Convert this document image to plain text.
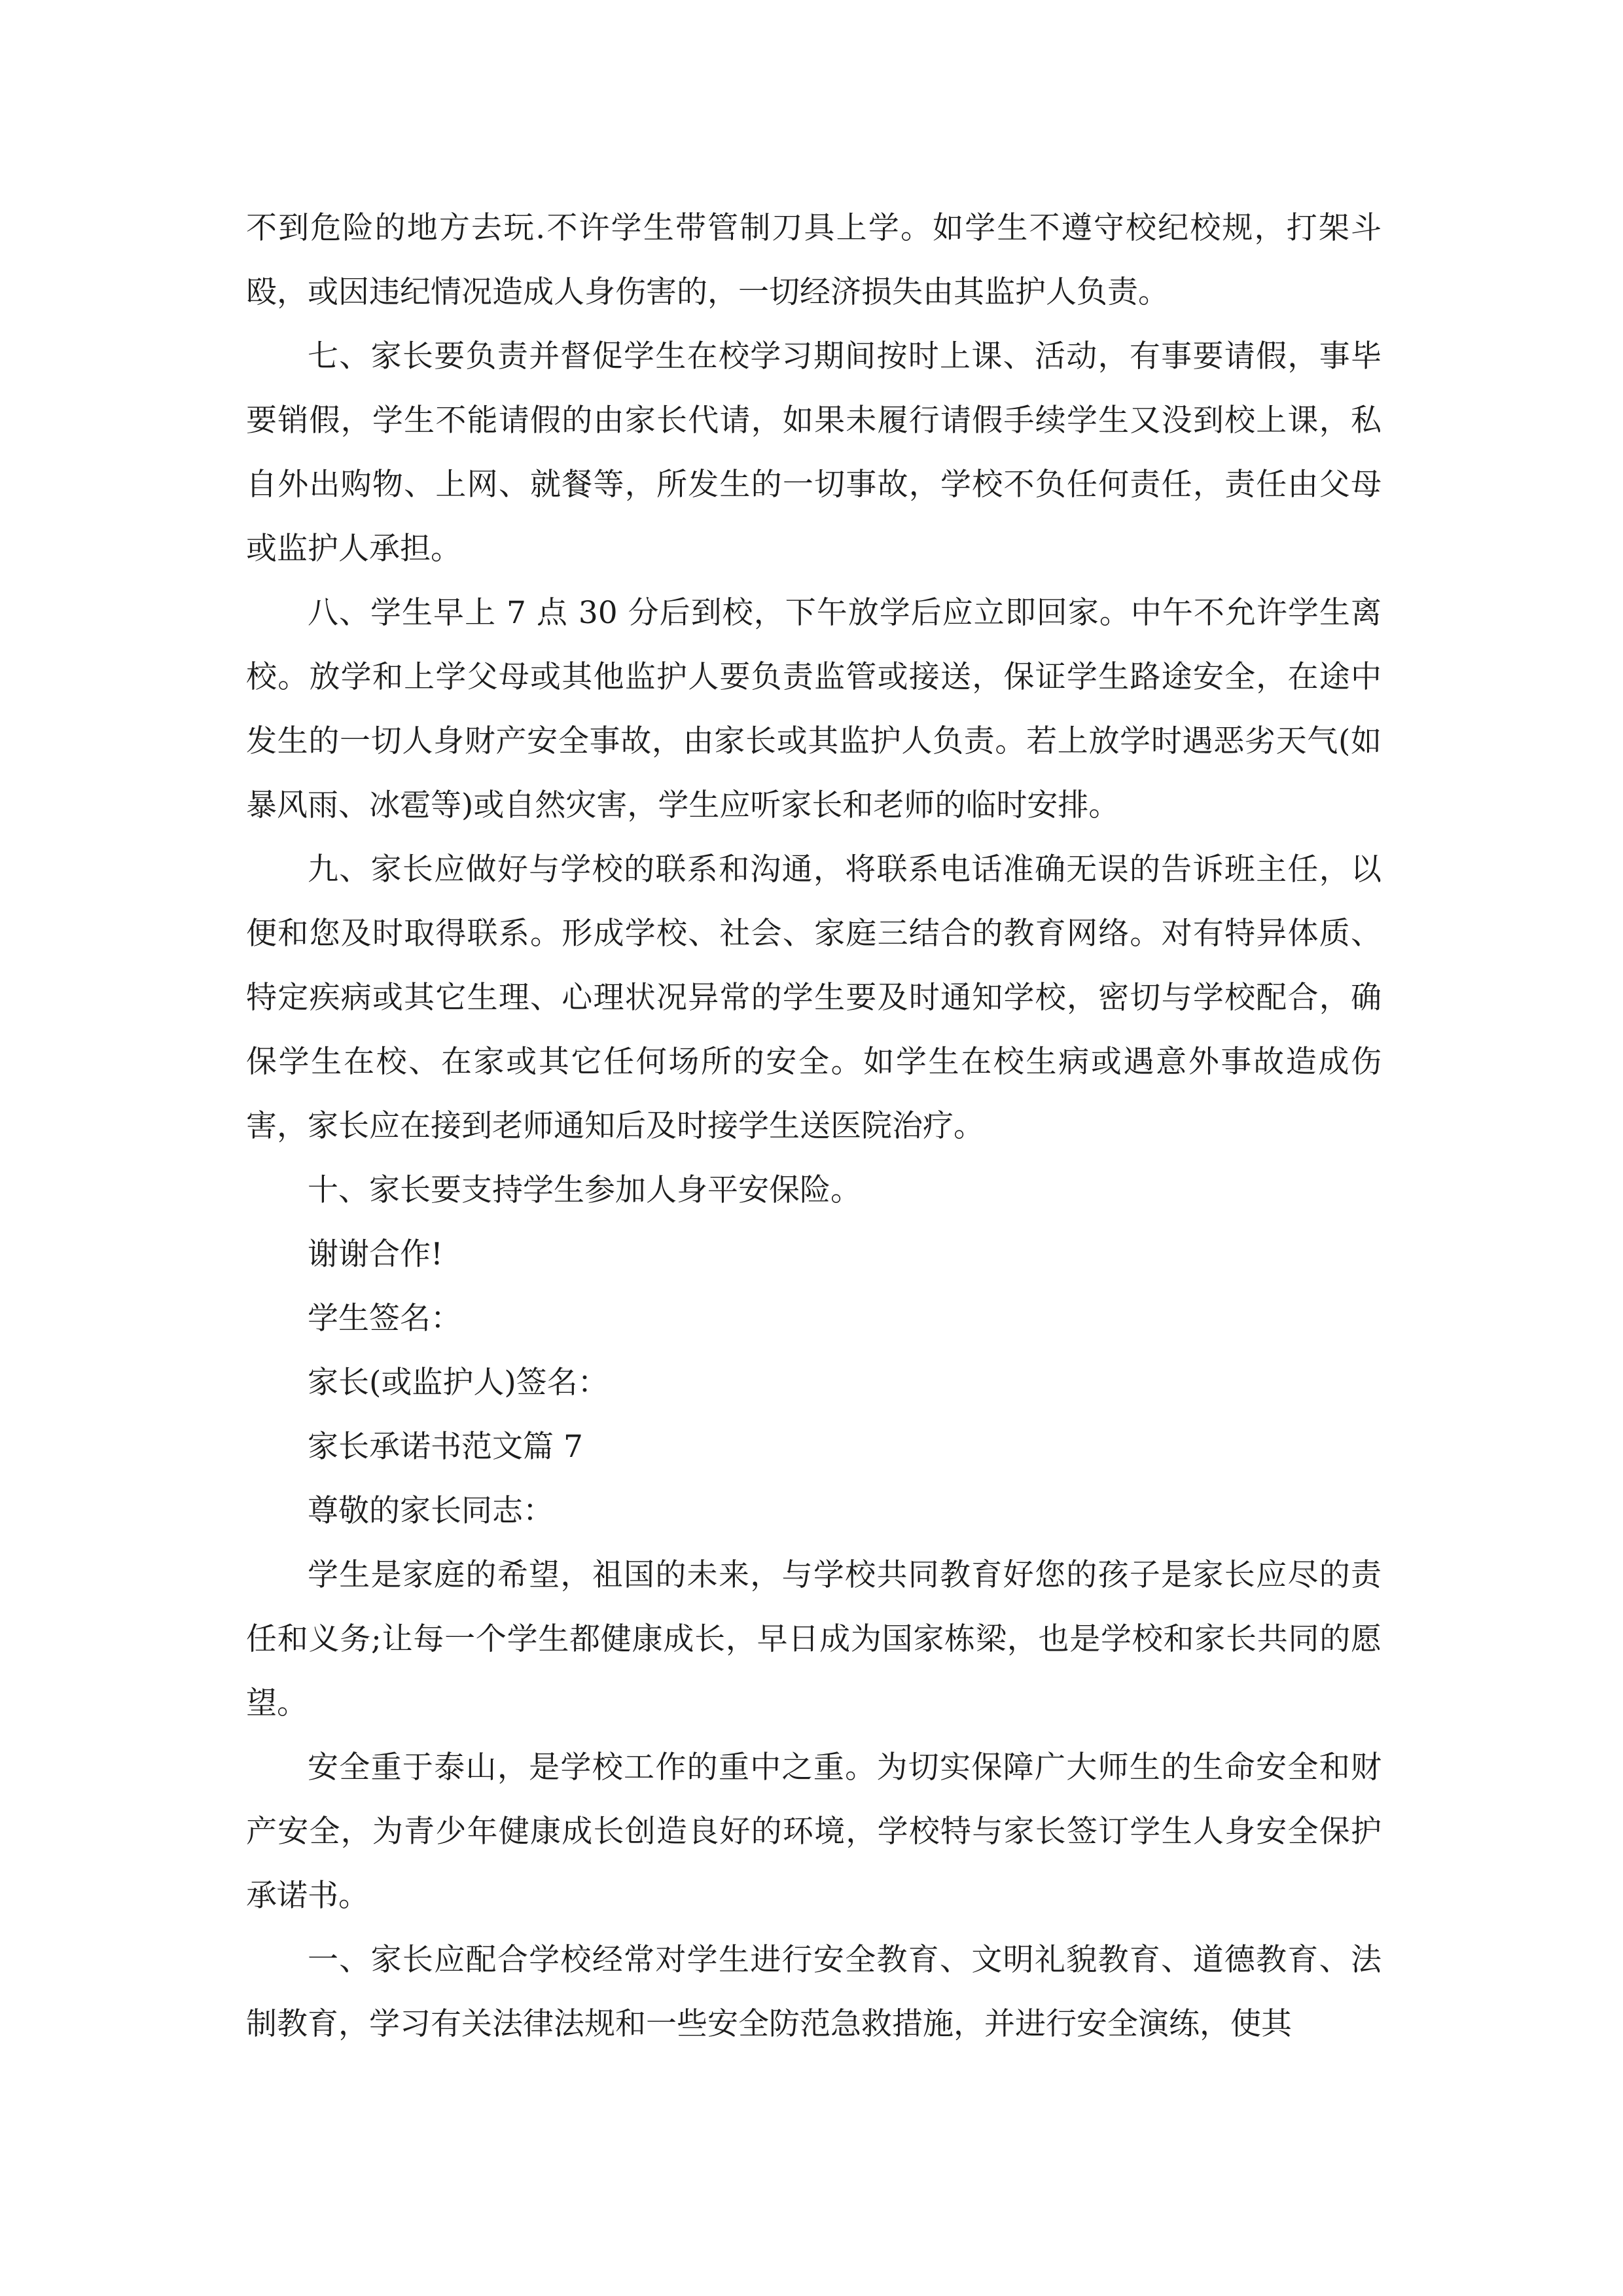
不到危险的地方去玩.不许学生带管制刀具上学。如学生不遵守校纪校规，打架斗殴，或因违纪情况造成人身伤害的，一切经济损失由其监护人负责。

七、家长要负责并督促学生在校学习期间按时上课、活动，有事要请假，事毕要销假，学生不能请假的由家长代请，如果未履行请假手续学生又没到校上课，私自外出购物、上网、就餐等，所发生的一切事故，学校不负任何责任，责任由父母或监护人承担。

八、学生早上 7 点 30 分后到校，下午放学后应立即回家。中午不允许学生离校。放学和上学父母或其他监护人要负责监管或接送，保证学生路途安全，在途中发生的一切人身财产安全事故，由家长或其监护人负责。若上放学时遇恶劣天气(如暴风雨、冰雹等)或自然灾害，学生应听家长和老师的临时安排。

九、家长应做好与学校的联系和沟通，将联系电话准确无误的告诉班主任，以便和您及时取得联系。形成学校、社会、家庭三结合的教育网络。对有特异体质、特定疾病或其它生理、心理状况异常的学生要及时通知学校，密切与学校配合，确保学生在校、在家或其它任何场所的安全。如学生在校生病或遇意外事故造成伤害，家长应在接到老师通知后及时接学生送医院治疗。

十、家长要支持学生参加人身平安保险。

谢谢合作!

学生签名：

家长(或监护人)签名：

家长承诺书范文篇 7

尊敬的家长同志：

学生是家庭的希望，祖国的未来，与学校共同教育好您的孩子是家长应尽的责任和义务;让每一个学生都健康成长，早日成为国家栋梁，也是学校和家长共同的愿望。

安全重于泰山，是学校工作的重中之重。为切实保障广大师生的生命安全和财产安全，为青少年健康成长创造良好的环境，学校特与家长签订学生人身安全保护承诺书。

一、家长应配合学校经常对学生进行安全教育、文明礼貌教育、道德教育、法制教育，学习有关法律法规和一些安全防范急救措施，并进行安全演练，使其
